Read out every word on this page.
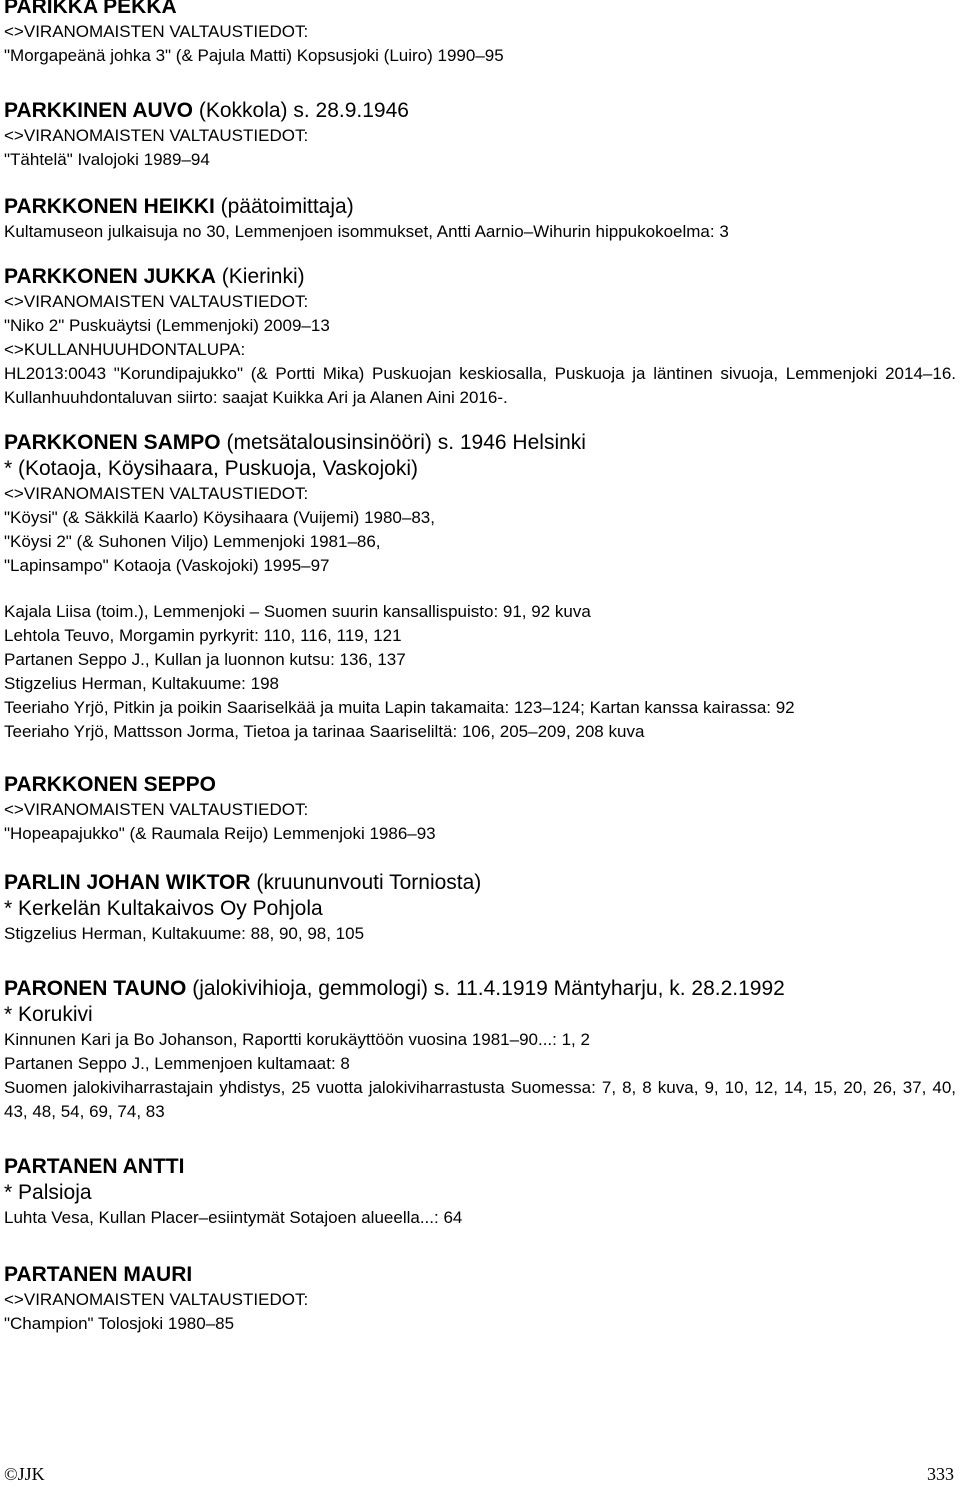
PARIKKA PEKKA
<>VIRANOMAISTEN VALTAUSTIEDOT:
"Morgapeänä johka 3" (& Pajula Matti) Kopsusjoki (Luiro) 1990–95
PARKKINEN AUVO (Kokkola) s. 28.9.1946
<>VIRANOMAISTEN VALTAUSTIEDOT:
"Tähtelä" Ivalojoki 1989–94
PARKKONEN HEIKKI (päätoimittaja)
Kultamuseon julkaisuja no 30, Lemmenjoen isommukset, Antti Aarnio–Wihurin hippukokoelma: 3
PARKKONEN JUKKA (Kierinki)
<>VIRANOMAISTEN VALTAUSTIEDOT:
"Niko 2" Puskuäytsi (Lemmenjoki) 2009–13
<>KULLANHUUHDONTALUPA:
HL2013:0043 "Korundipajukko" (& Portti Mika) Puskuojan keskiosalla, Puskuoja ja läntinen sivuoja, Lemmenjoki 2014–16. Kullanhuuhdontaluvan siirto: saajat Kuikka Ari ja Alanen Aini 2016-.
PARKKONEN SAMPO (metsätalousinsinööri) s. 1946 Helsinki
* (Kotaoja, Köysihaara, Puskuoja, Vaskojoki)
<>VIRANOMAISTEN VALTAUSTIEDOT:
"Köysi" (& Säkkilä Kaarlo) Köysihaara (Vuijemi) 1980–83,
"Köysi 2" (& Suhonen Viljo) Lemmenjoki 1981–86,
"Lapinsampo" Kotaoja (Vaskojoki) 1995–97
Kajala Liisa (toim.), Lemmenjoki – Suomen suurin kansallispuisto: 91, 92 kuva
Lehtola Teuvo, Morgamin pyrkyrit: 110, 116, 119, 121
Partanen Seppo J., Kullan ja luonnon kutsu: 136, 137
Stigzelius Herman, Kultakuume: 198
Teeriaho Yrjö, Pitkin ja poikin Saariselkää ja muita Lapin takamaita: 123–124; Kartan kanssa kairassa: 92
Teeriaho Yrjö, Mattsson Jorma, Tietoa ja tarinaa Saariseliltä: 106, 205–209, 208 kuva
PARKKONEN SEPPO
<>VIRANOMAISTEN VALTAUSTIEDOT:
"Hopeapajukko" (& Raumala Reijo) Lemmenjoki 1986–93
PARLIN JOHAN WIKTOR (kruununvouti Torniosta)
* Kerkelän Kultakaivos Oy Pohjola
Stigzelius Herman, Kultakuume: 88, 90, 98, 105
PARONEN TAUNO (jalokivihioja, gemmologi) s. 11.4.1919 Mäntyharju, k. 28.2.1992
* Korukivi
Kinnunen Kari ja Bo Johanson, Raportti korukäyttöön vuosina 1981–90...: 1, 2
Partanen Seppo J., Lemmenjoen kultamaat: 8
Suomen jalokiviharrastajain yhdistys, 25 vuotta jalokiviharrastusta Suomessa: 7, 8, 8 kuva, 9, 10, 12, 14, 15, 20, 26, 37, 40, 43, 48, 54, 69, 74, 83
PARTANEN ANTTI
* Palsioja
Luhta Vesa, Kullan Placer–esiintymät Sotajoen alueella...: 64
PARTANEN MAURI
<>VIRANOMAISTEN VALTAUSTIEDOT:
"Champion" Tolosjoki 1980–85
©JJK	333
